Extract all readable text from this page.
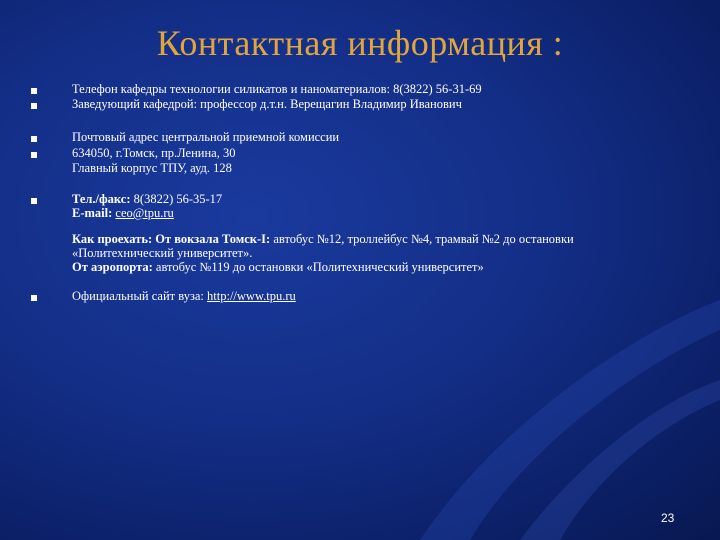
Контактная информация :
Телефон кафедры технологии силикатов и наноматериалов: 8(3822) 56-31-69
Заведующий кафедрой: профессор д.т.н. Верещагин Владимир Иванович
Почтовый адрес центральной приемной комиссии
634050, г.Томск, пр.Ленина, 30
Главный корпус ТПУ, ауд. 128
Тел./факс: 8(3822) 56-35-17
E-mail: ceo@tpu.ru
Как проехать: От вокзала Томск-I: автобус №12, троллейбус №4, трамвай №2 до остановки
«Политехнический университет».
От аэропорта: автобус №119 до остановки «Политехнический университет»
Официальный сайт вуза: http://www.tpu.ru
23
